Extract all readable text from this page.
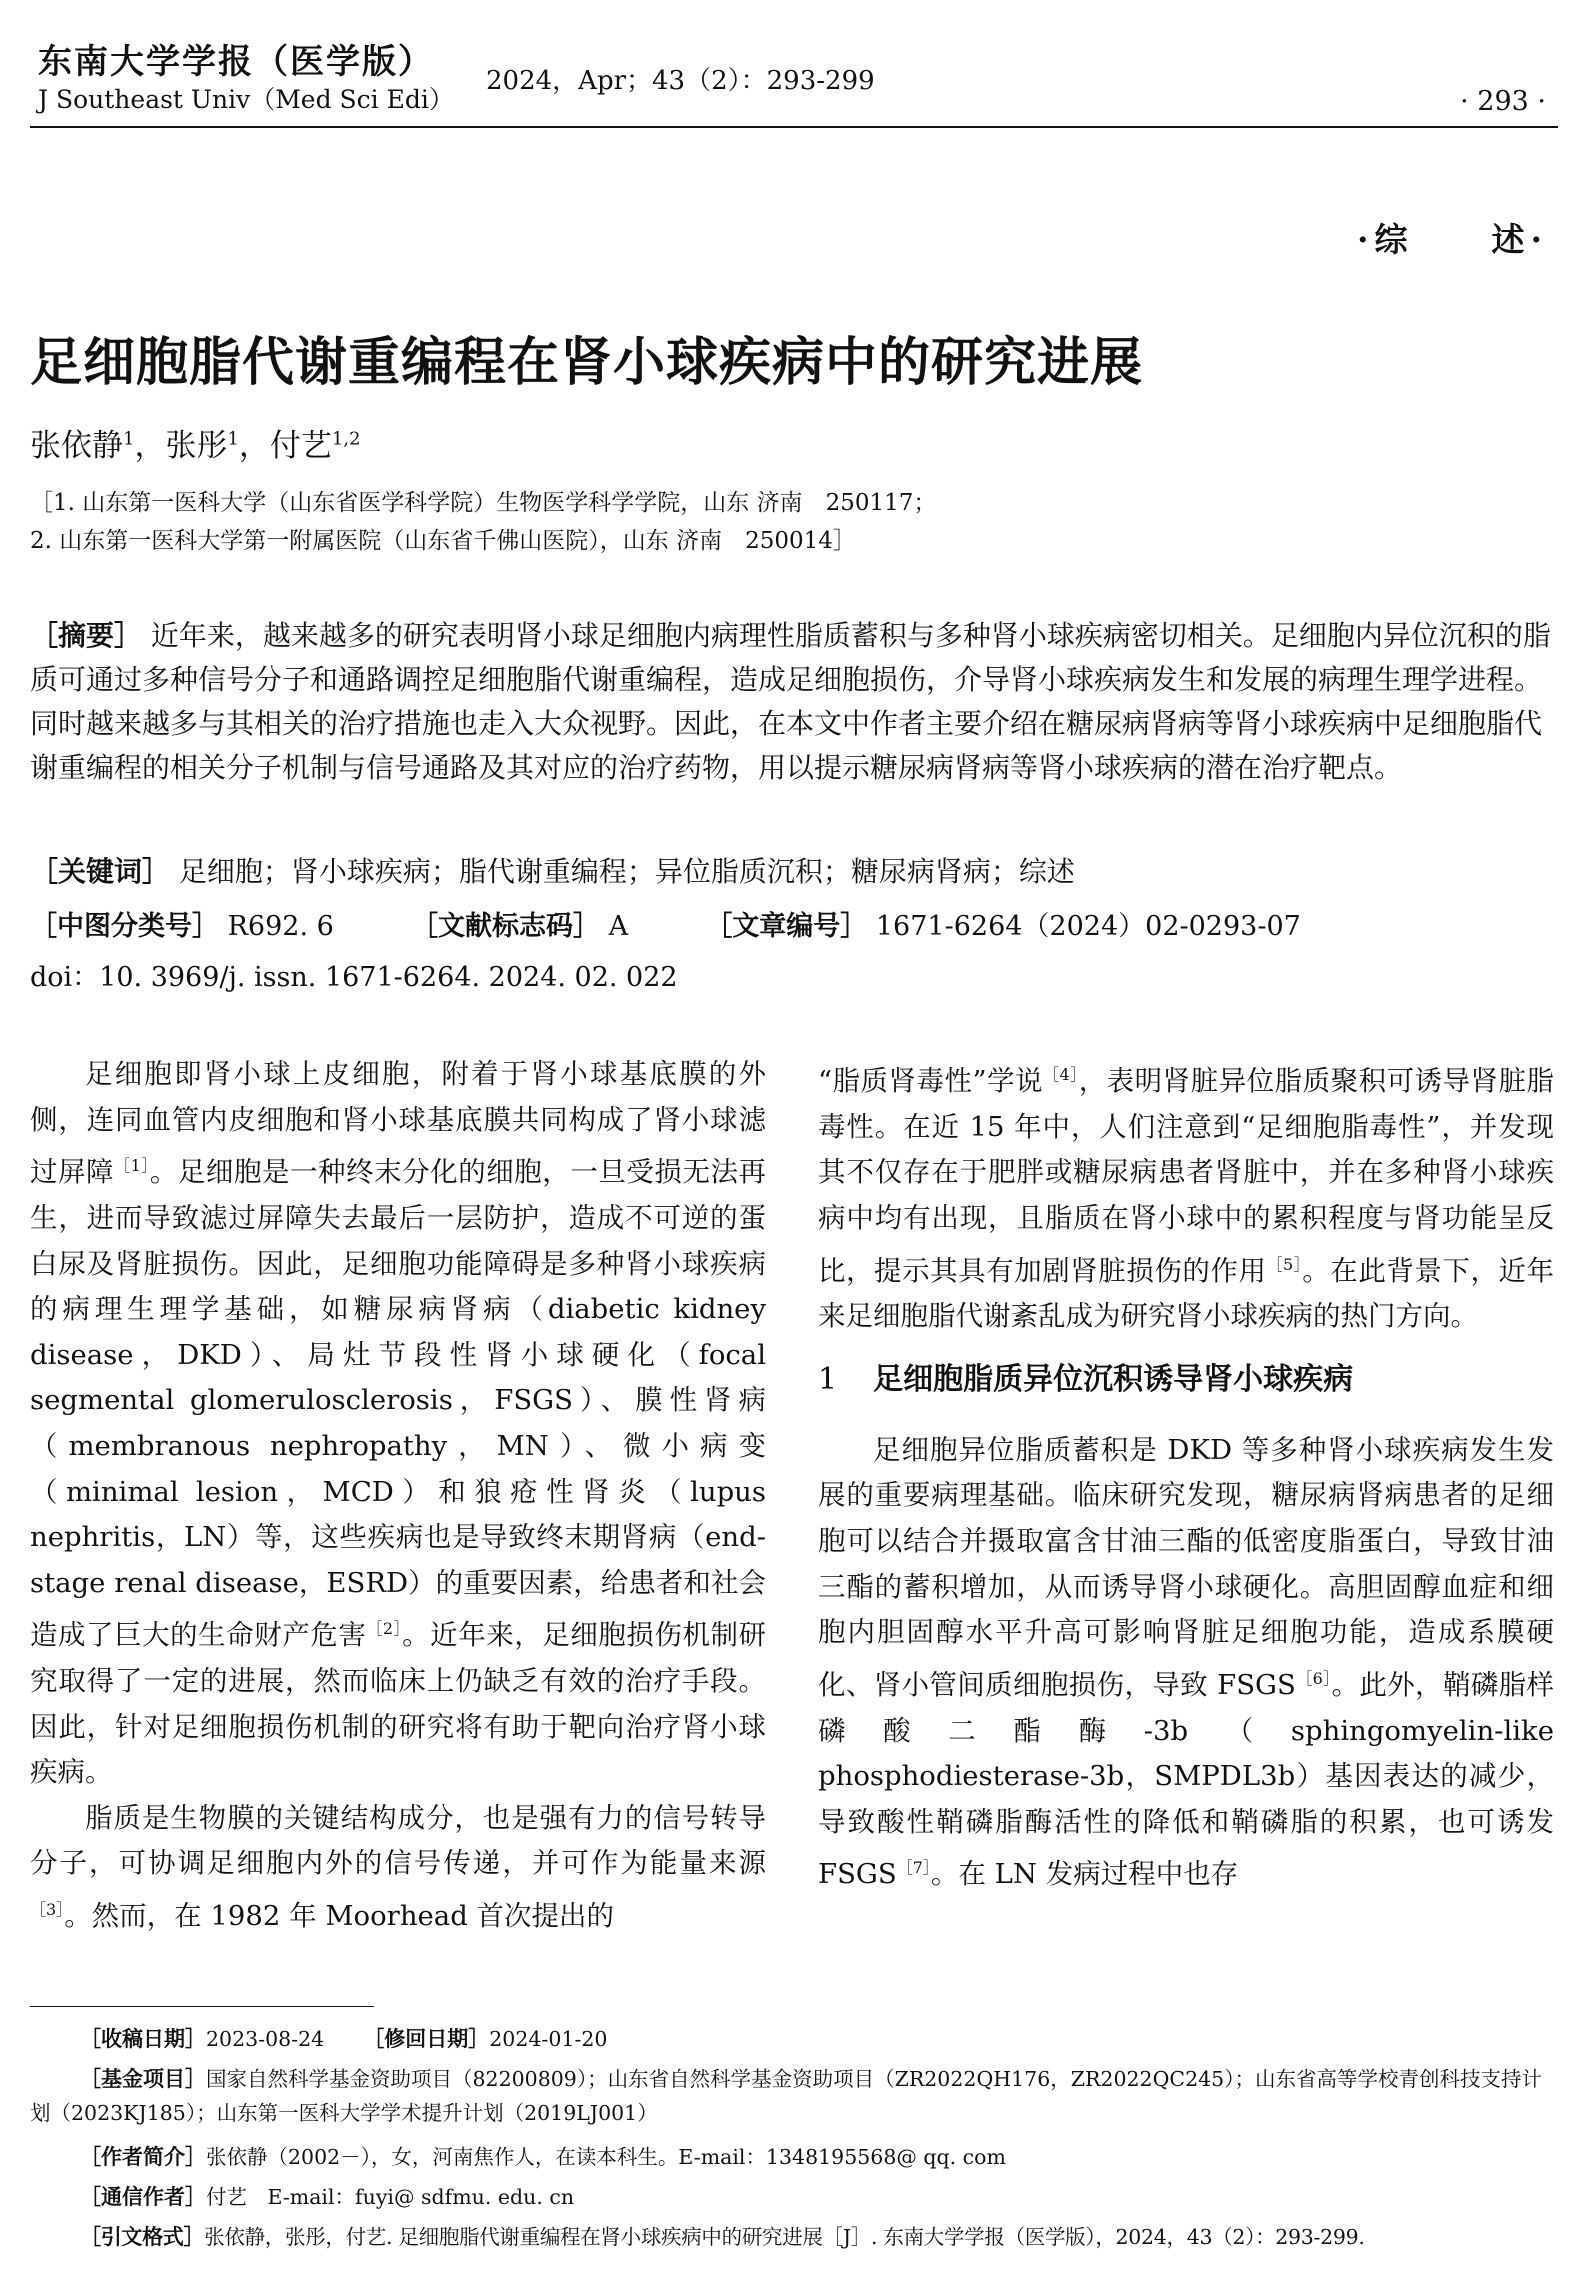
东南大学学报（医学版）
J Southeast Univ（Med Sci Edi）
2024，Apr；43（2）：293-299
· 293 ·
·综　　述·
足细胞脂代谢重编程在肾小球疾病中的研究进展
张依静$^1$，张彤$^1$，付艺$^{1,2}$
［1. 山东第一医科大学（山东省医学科学院）生物医学科学学院，山东 济南　250117；
2. 山东第一医科大学第一附属医院（山东省千佛山医院），山东 济南　250014］
［摘要］ 近年来，越来越多的研究表明肾小球足细胞内病理性脂质蓄积与多种肾小球疾病密切相关。足细胞内异位沉积的脂质可通过多种信号分子和通路调控足细胞脂代谢重编程，造成足细胞损伤，介导肾小球疾病发生和发展的病理生理学进程。同时越来越多与其相关的治疗措施也走入大众视野。因此，在本文中作者主要介绍在糖尿病肾病等肾小球疾病中足细胞脂代谢重编程的相关分子机制与信号通路及其对应的治疗药物，用以提示糖尿病肾病等肾小球疾病的潜在治疗靶点。
［关键词］ 足细胞；肾小球疾病；脂代谢重编程；异位脂质沉积；糖尿病肾病；综述
［中图分类号］ R692. 6	［文献标志码］ A	［文章编号］ 1671-6264（2024）02-0293-07
doi：10. 3969/j. issn. 1671-6264. 2024. 02. 022

足细胞即肾小球上皮细胞，附着于肾小球基底膜的外侧，连同血管内皮细胞和肾小球基底膜共同构成了肾小球滤过屏障$^{[1]}$。足细胞是一种终末分化的细胞，一旦受损无法再生，进而导致滤过屏障失去最后一层防护，造成不可逆的蛋白尿及肾脏损伤。因此，足细胞功能障碍是多种肾小球疾病的病理生理学基础，如糖尿病肾病（diabetic kidney disease，DKD）、局灶节段性肾小球硬化（focal segmental glomerulosclerosis，FSGS）、膜性肾病（membranous nephropathy，MN）、微小病变（minimal lesion，MCD）和狼疮性肾炎（lupus nephritis，LN）等，这些疾病也是导致终末期肾病（end-stage renal disease，ESRD）的重要因素，给患者和社会造成了巨大的生命财产危害$^{[2]}$。近年来，足细胞损伤机制研究取得了一定的进展，然而临床上仍缺乏有效的治疗手段。因此，针对足细胞损伤机制的研究将有助于靶向治疗肾小球疾病。

脂质是生物膜的关键结构成分，也是强有力的信号转导分子，可协调足细胞内外的信号传递，并可作为能量来源$^{[3]}$。然而，在 1982 年 Moorhead 首次提出的

“脂质肾毒性”学说$^{[4]}$，表明肾脏异位脂质聚积可诱导肾脏脂毒性。在近 15 年中，人们注意到“足细胞脂毒性”，并发现其不仅存在于肥胖或糖尿病患者肾脏中，并在多种肾小球疾病中均有出现，且脂质在肾小球中的累积程度与肾功能呈反比，提示其具有加剧肾脏损伤的作用$^{[5]}$。在此背景下，近年来足细胞脂代谢紊乱成为研究肾小球疾病的热门方向。

1 足细胞脂质异位沉积诱导肾小球疾病

足细胞异位脂质蓄积是 DKD 等多种肾小球疾病发生发展的重要病理基础。临床研究发现，糖尿病肾病患者的足细胞可以结合并摄取富含甘油三酯的低密度脂蛋白，导致甘油三酯的蓄积增加，从而诱导肾小球硬化。高胆固醇血症和细胞内胆固醇水平升高可影响肾脏足细胞功能，造成系膜硬化、肾小管间质细胞损伤，导致 $FSGS^{[6]}$。此外，鞘磷脂样磷酸二酯酶-3b（sphingomyelin-like phosphodiesterase-3b，SMPDL3b）基因表达的减少，导致酸性鞘磷脂酶活性的降低和鞘磷脂的积累，也可诱发 $FSGS^{[7]}$。在 LN 发病过程中也存

［收稿日期］2023-08-24 ［修回日期］2024-01-20
［基金项目］国家自然科学基金资助项目（82200809）；山东省自然科学基金资助项目（ZR2022QH176，ZR2022QC245）；山东省高等学校青创科技支持计划（2023KJ185）；山东第一医科大学学术提升计划（2019LJ001）
［作者简介］张依静（2002－），女，河南焦作人，在读本科生。E-mail：1348195568@ qq. com
［通信作者］付艺　E-mail：fuyi@ sdfmu. edu. cn
［引文格式］张依静，张彤，付艺. 足细胞脂代谢重编程在肾小球疾病中的研究进展［J］. 东南大学学报（医学版），2024，43（2）：293-299.
